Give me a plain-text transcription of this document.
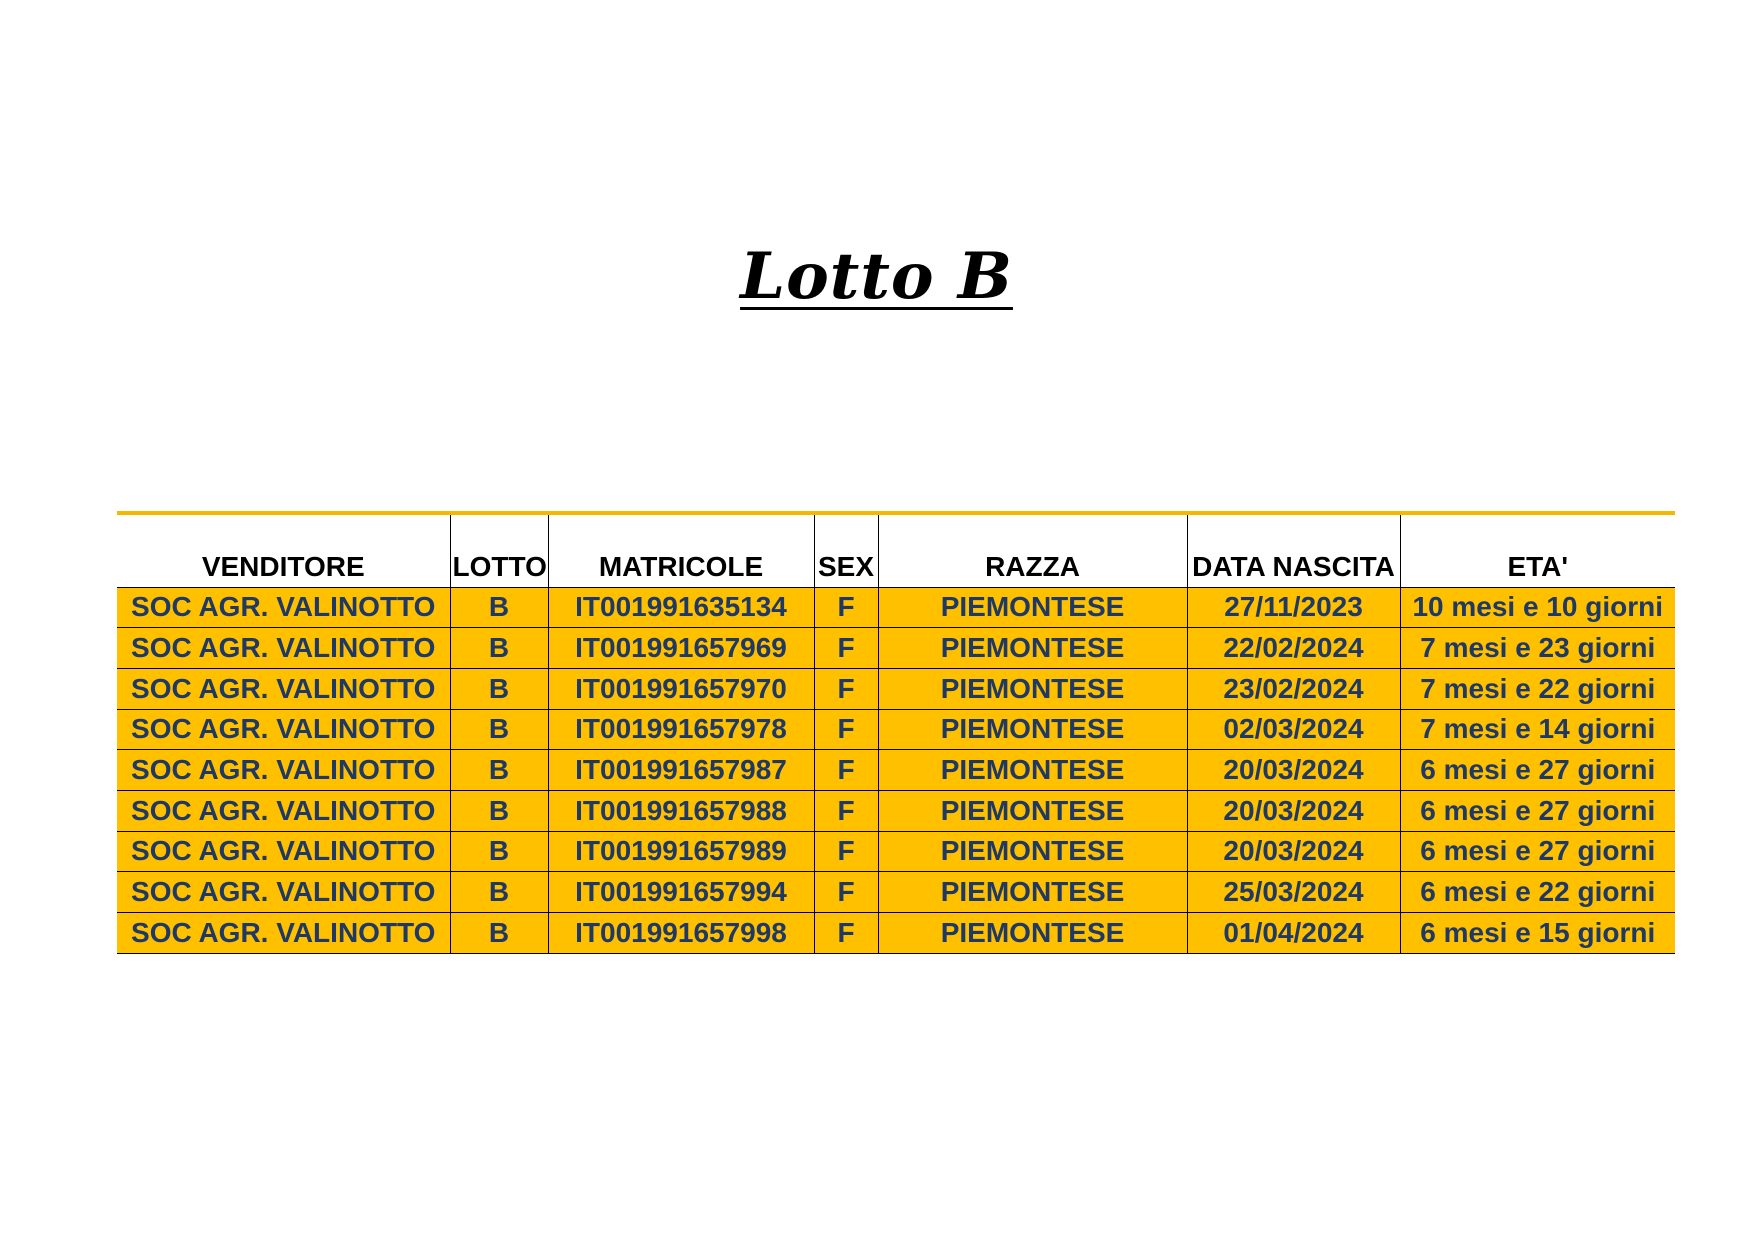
Lotto B
VENDITORE	LOTTO	MATRICOLE	SEX	RAZZA	DATA NASCITA	ETA'
SOC AGR. VALINOTTO	B	IT001991635134	F	PIEMONTESE	27/11/2023	10 mesi e 10 giorni
SOC AGR. VALINOTTO	B	IT001991657969	F	PIEMONTESE	22/02/2024	7 mesi e 23 giorni
SOC AGR. VALINOTTO	B	IT001991657970	F	PIEMONTESE	23/02/2024	7 mesi e 22 giorni
SOC AGR. VALINOTTO	B	IT001991657978	F	PIEMONTESE	02/03/2024	7 mesi e 14 giorni
SOC AGR. VALINOTTO	B	IT001991657987	F	PIEMONTESE	20/03/2024	6 mesi e 27 giorni
SOC AGR. VALINOTTO	B	IT001991657988	F	PIEMONTESE	20/03/2024	6 mesi e 27 giorni
SOC AGR. VALINOTTO	B	IT001991657989	F	PIEMONTESE	20/03/2024	6 mesi e 27 giorni
SOC AGR. VALINOTTO	B	IT001991657994	F	PIEMONTESE	25/03/2024	6 mesi e 22 giorni
SOC AGR. VALINOTTO	B	IT001991657998	F	PIEMONTESE	01/04/2024	6 mesi e 15 giorni
